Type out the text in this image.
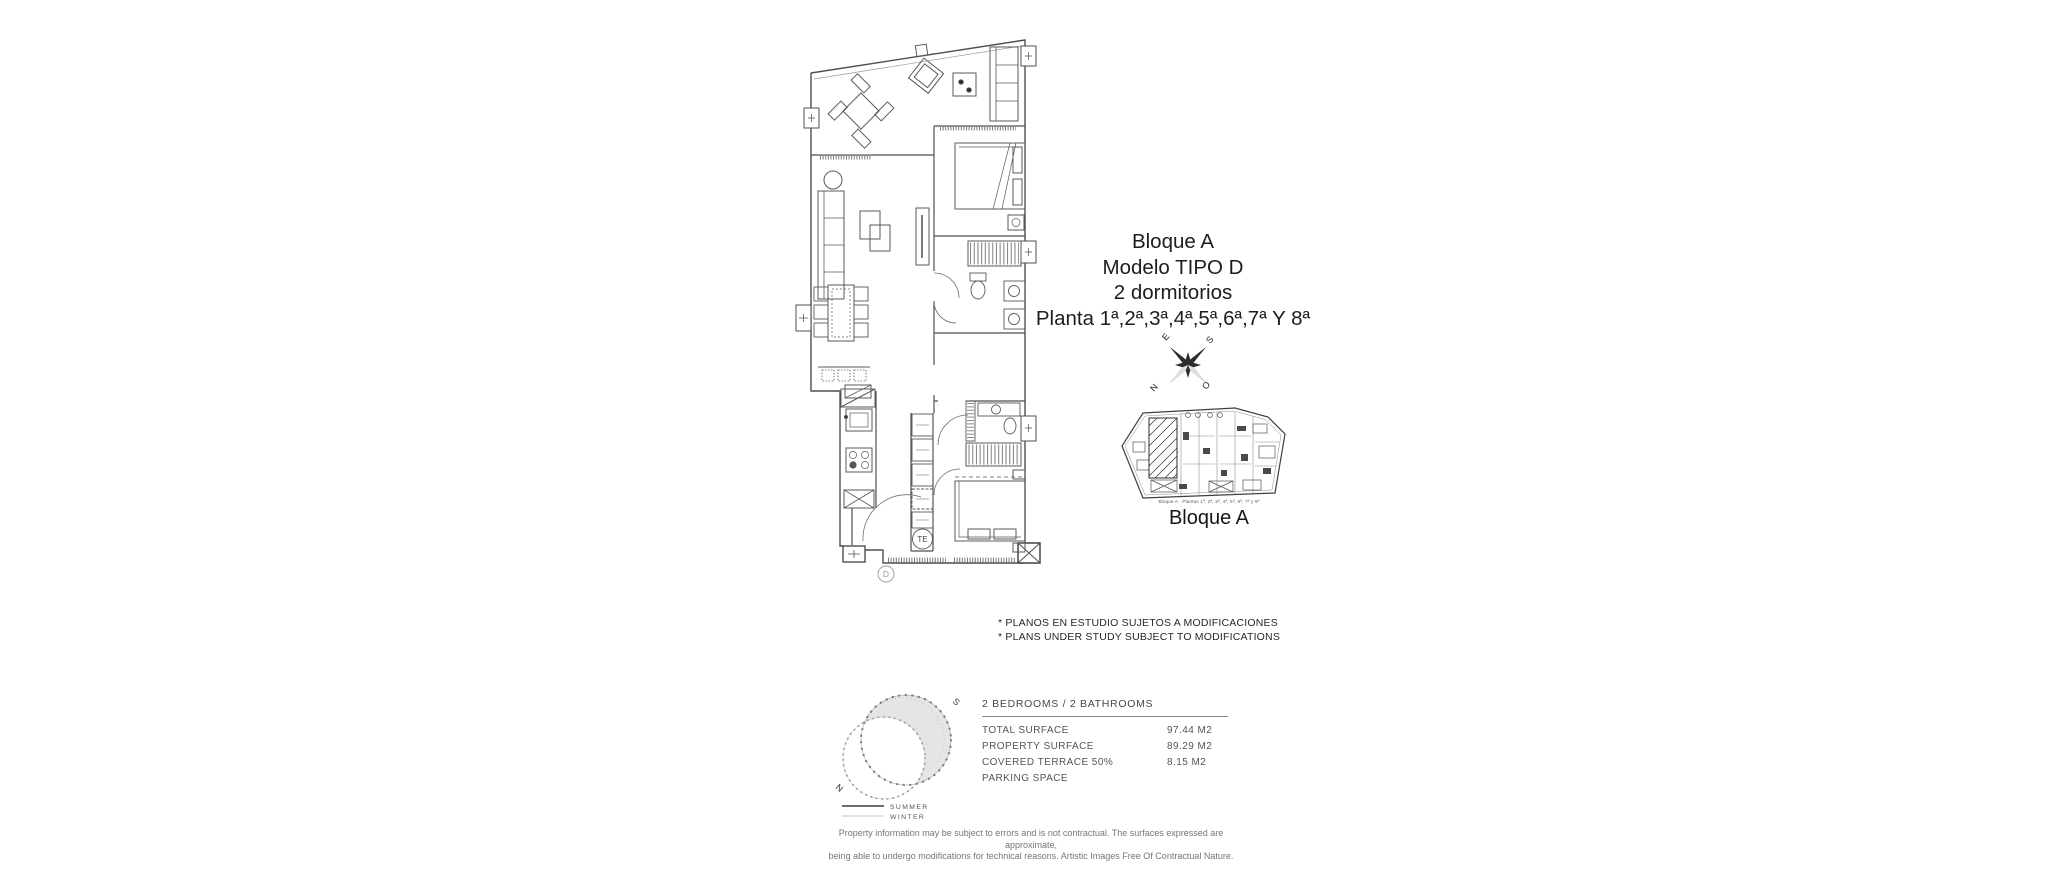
TE
D
Bloque A
Modelo TIPO D
2 dormitorios
Planta 1ª,2ª,3ª,4ª,5ª,6ª,7ª Y 8ª
S
E
N	O
Bloque A · Plantas 1ª, 2ª, 3ª, 4ª, 5ª, 6ª, 7ª y 8ª
Bloque A
* PLANOS EN ESTUDIO SUJETOS A MODIFICACIONES
* PLANS UNDER STUDY SUBJECT TO MODIFICATIONS
S
N
SUMMER
WINTER
2 BEDROOMS / 2 BATHROOMS
TOTAL SURFACE	97.44 M2
PROPERTY SURFACE	89.29 M2
COVERED TERRACE 50%	8.15 M2
PARKING SPACE
Property information may be subject to errors and is not contractual. The surfaces expressed are approximate,
being able to undergo modifications for technical reasons. Artistic Images Free Of Contractual Nature.
